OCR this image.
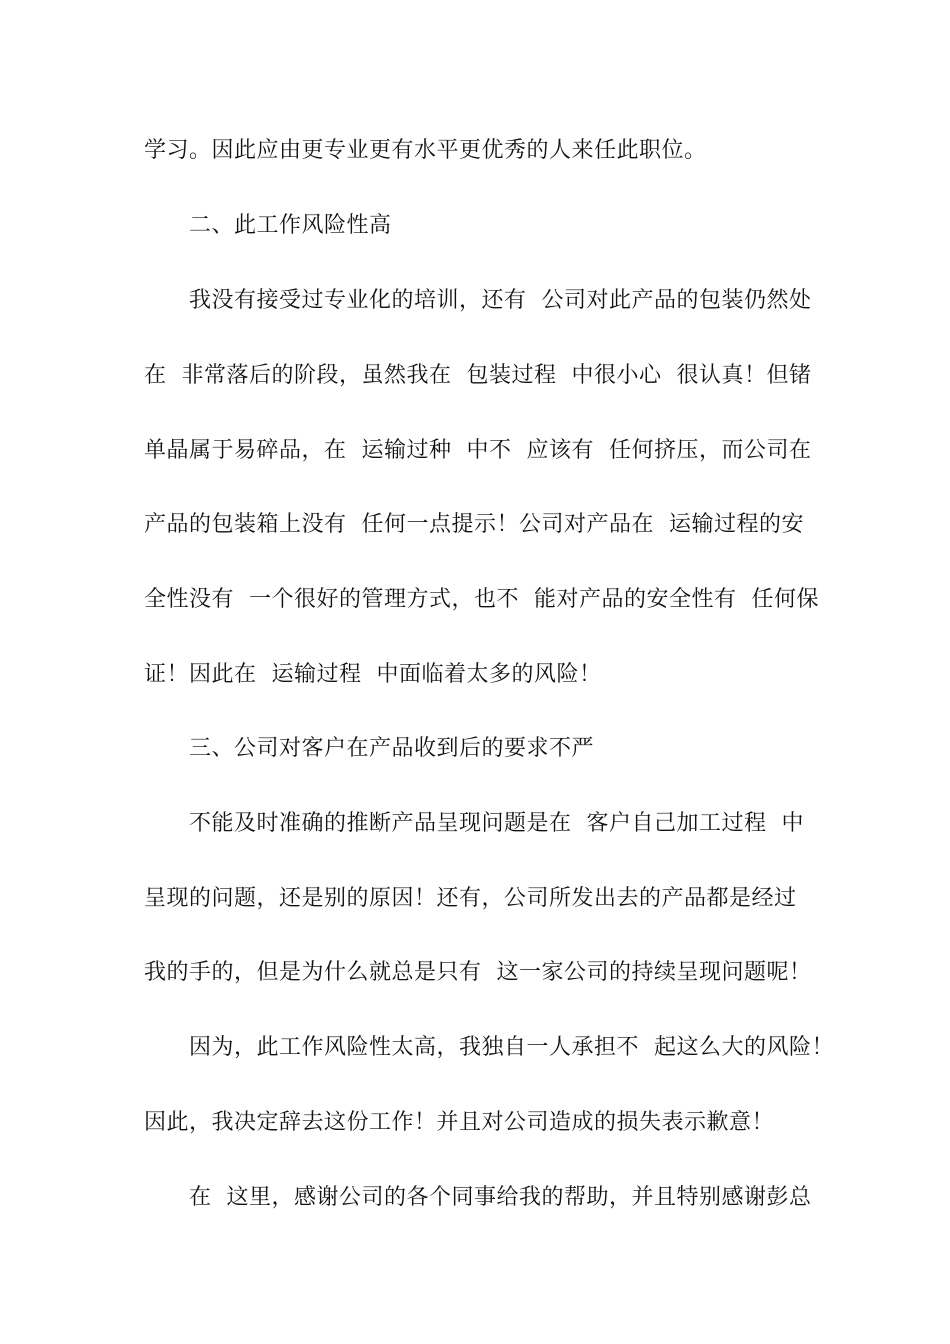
学习。因此应由更专业更有水平更优秀的人来任此职位。
二、此工作风险性高
我没有接受过专业化的培训，还有  公司对此产品的包装仍然处
在  非常落后的阶段，虽然我在  包装过程  中很小心  很认真！但锗
单晶属于易碎品，在  运输过种  中不  应该有  任何挤压，而公司在
产品的包装箱上没有  任何一点提示！公司对产品在  运输过程的安
全性没有  一个很好的管理方式，也不  能对产品的安全性有  任何保
证！因此在  运输过程  中面临着太多的风险！
三、公司对客户在产品收到后的要求不严
不能及时准确的推断产品呈现问题是在  客户自己加工过程  中
呈现的问题，还是别的原因！还有，公司所发出去的产品都是经过
我的手的，但是为什么就总是只有  这一家公司的持续呈现问题呢！
因为，此工作风险性太高，我独自一人承担不  起这么大的风险！
因此，我决定辞去这份工作！并且对公司造成的损失表示歉意！
在  这里，感谢公司的各个同事给我的帮助，并且特别感谢彭总
